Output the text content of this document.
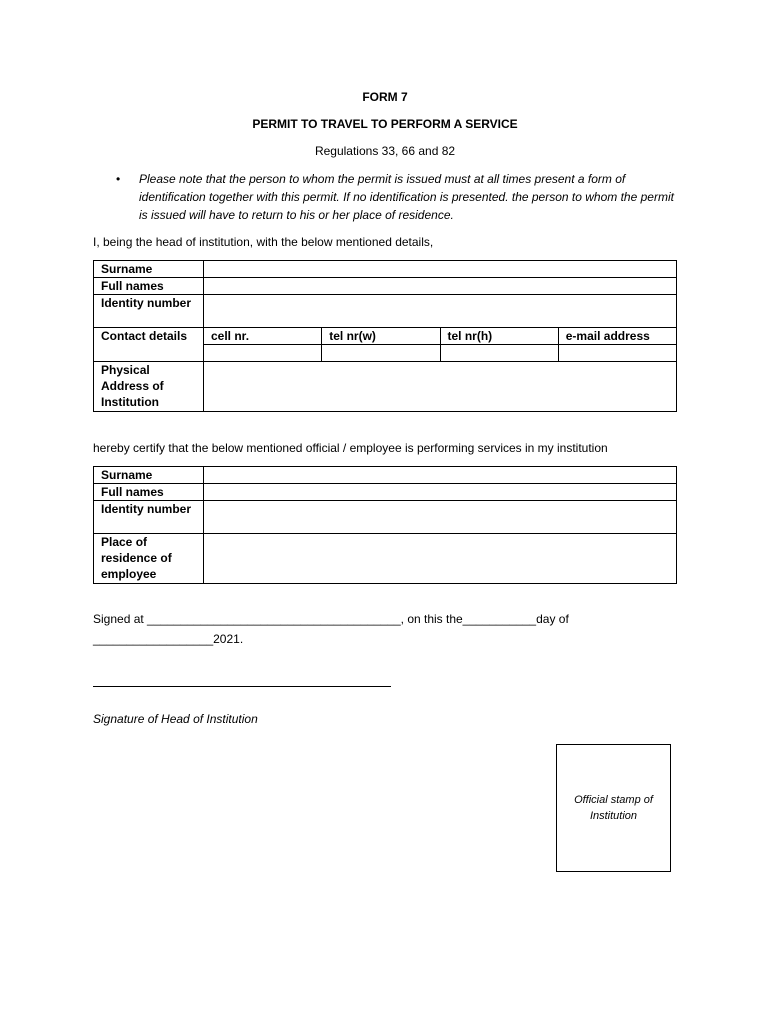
FORM 7
PERMIT TO TRAVEL TO PERFORM A SERVICE
Regulations 33, 66 and 82
• Please note that the person to whom the permit is issued must at all times present a form of identification together with this permit. If no identification is presented. the person to whom the permit is issued will have to return to his or her place of residence.
I, being the head of institution, with the below mentioned details,
Surname				
Full names				
Identity number				
Contact details	cell nr.	tel nr(w)	tel nr(h)	e-mail address

Physical Address of Institution				
hereby certify that the below mentioned official / employee is performing services in my institution
Surname	
Full names	
Identity number	
Place of residence of employee	
Signed at ______________________________________, on this the___________day of
__________________2021.
Signature of Head of Institution
Official stamp of Institution
